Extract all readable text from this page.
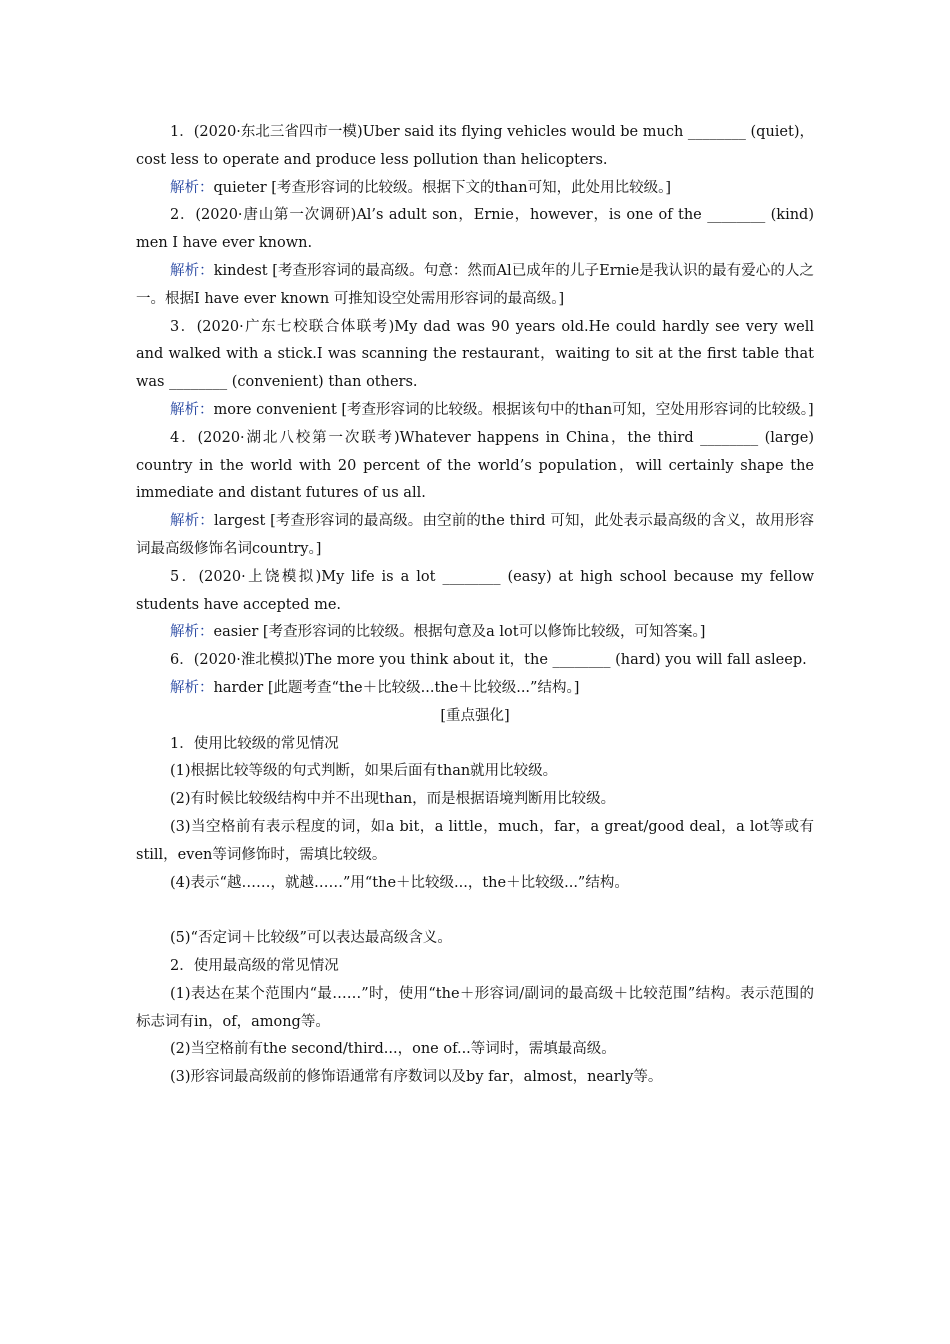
1．(2020·东北三省四市一模)Uber said its flying vehicles would be much ________ (quiet)，cost less to operate and produce less pollution than helicopters.

解析：quieter [考查形容词的比较级。根据下文的than可知，此处用比较级。]

2．(2020·唐山第一次调研)Al’s adult son，Ernie，however，is one of the ________ (kind) men I have ever known.

解析：kindest [考查形容词的最高级。句意：然而Al已成年的儿子Ernie是我认识的最有爱心的人之一。根据I have ever known 可推知设空处需用形容词的最高级。]

3．(2020·广东七校联合体联考)My dad was 90 years old.He could hardly see very well and walked with a stick.I was scanning the restaurant，waiting to sit at the first table that was ________ (convenient) than others.

解析：more convenient [考查形容词的比较级。根据该句中的than可知，空处用形容词的比较级。]

4．(2020·湖北八校第一次联考)Whatever happens in China，the third ________ (large) country in the world with 20 percent of the world’s population，will certainly shape the immediate and distant futures of us all.

解析：largest [考查形容词的最高级。由空前的the third 可知，此处表示最高级的含义，故用形容词最高级修饰名词country。]

5．(2020·上饶模拟)My life is a lot ________ (easy) at high school because my fellow students have accepted me.

解析：easier [考查形容词的比较级。根据句意及a lot可以修饰比较级，可知答案。]

6．(2020·淮北模拟)The more you think about it，the ________ (hard) you will fall asleep.

解析：harder [此题考查“the＋比较级...the＋比较级...”结构。]

[重点强化]

1．使用比较级的常见情况

(1)根据比较等级的句式判断，如果后面有than就用比较级。

(2)有时候比较级结构中并不出现than，而是根据语境判断用比较级。

(3)当空格前有表示程度的词，如a bit，a little，much，far，a great/good deal，a lot等或有still，even等词修饰时，需填比较级。

(4)表示“越……，就越……”用“the＋比较级...，the＋比较级...”结构。

(5)“否定词＋比较级”可以表达最高级含义。

2．使用最高级的常见情况

(1)表达在某个范围内“最……”时，使用“the＋形容词/副词的最高级＋比较范围”结构。表示范围的标志词有in，of，among等。

(2)当空格前有the second/third...，one of...等词时，需填最高级。

(3)形容词最高级前的修饰语通常有序数词以及by far，almost，nearly等。
